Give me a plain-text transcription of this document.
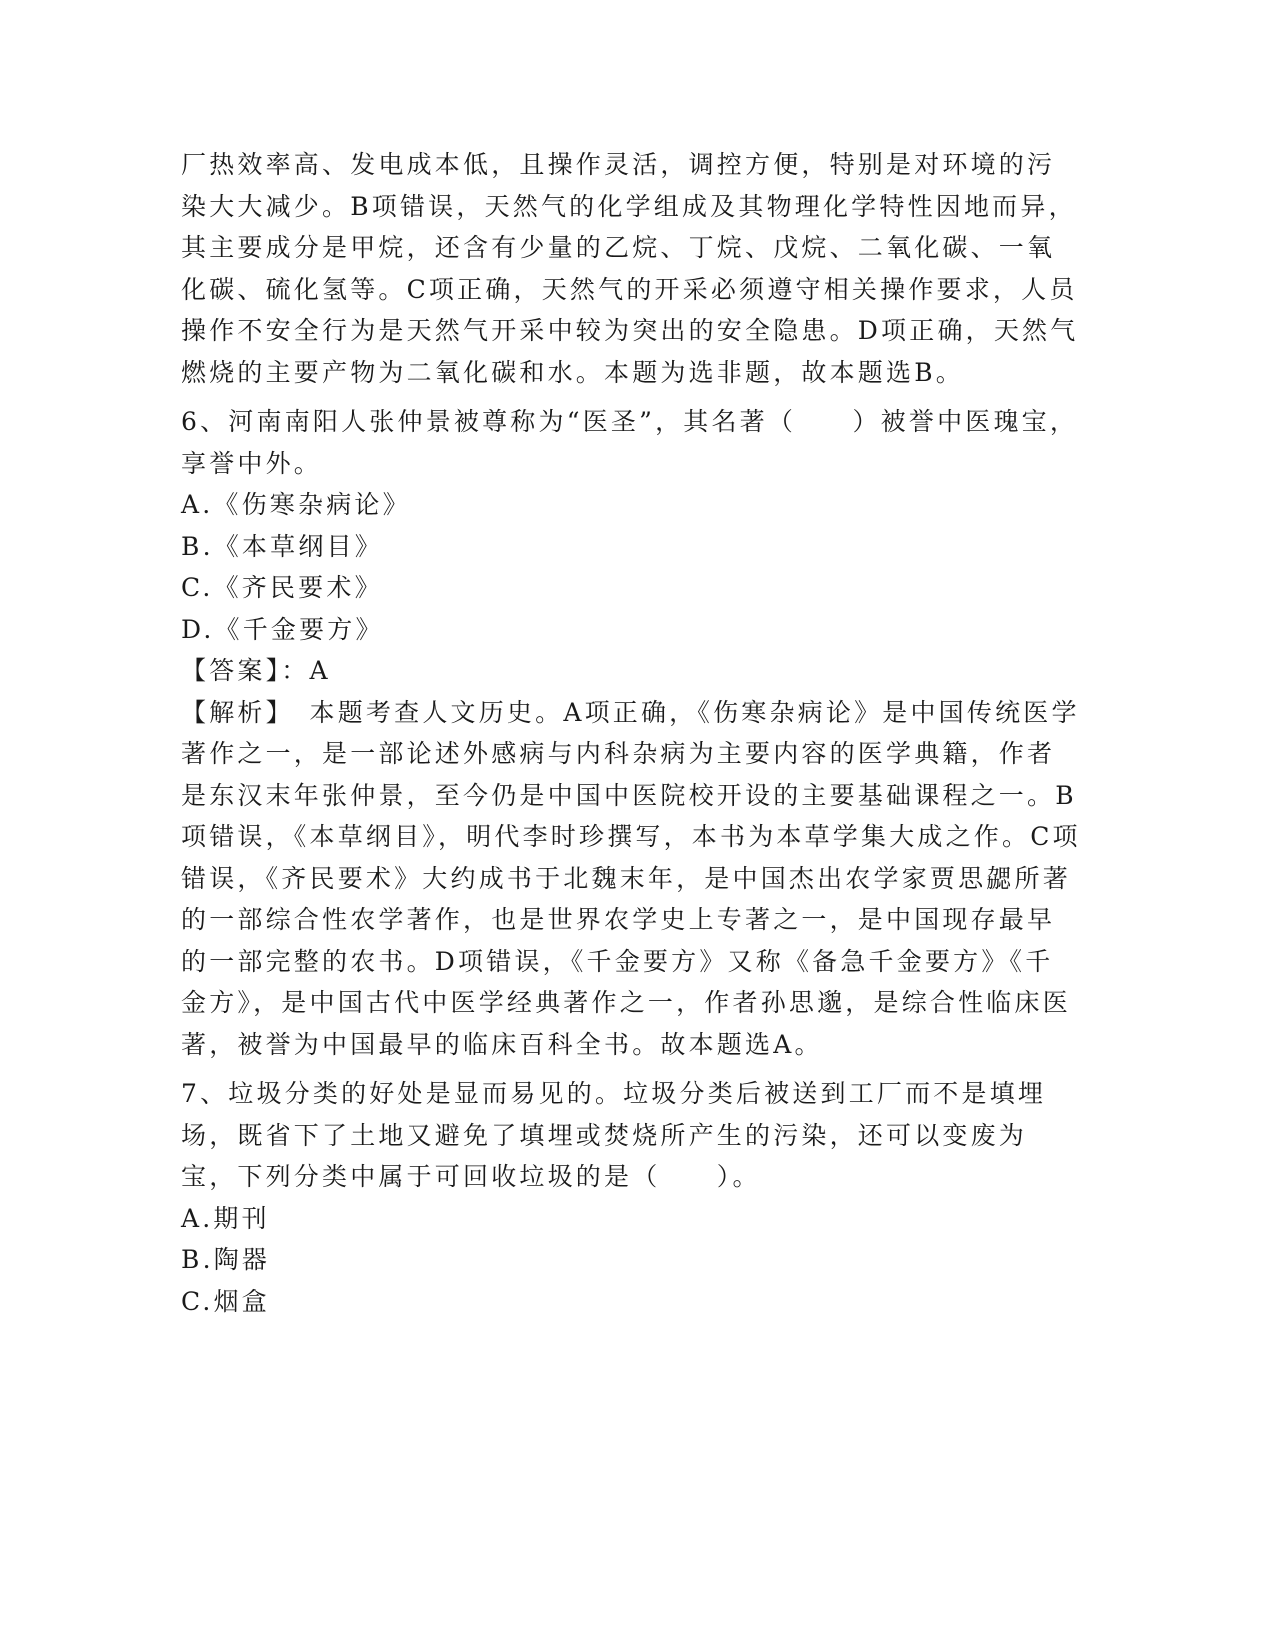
厂热效率高、发电成本低，且操作灵活，调控方便，特别是对环境的污染大大减少。B项错误，天然气的化学组成及其物理化学特性因地而异，其主要成分是甲烷，还含有少量的乙烷、丁烷、戊烷、二氧化碳、一氧化碳、硫化氢等。C项正确，天然气的开采必须遵守相关操作要求，人员操作不安全行为是天然气开采中较为突出的安全隐患。D项正确，天然气燃烧的主要产物为二氧化碳和水。本题为选非题，故本题选B。

6、河南南阳人张仲景被尊称为“医圣”，其名著（　　）被誉中医瑰宝，享誉中外。

A.《伤寒杂病论》

B.《本草纲目》

C.《齐民要术》

D.《千金要方》

【答案】：A

【解析】　本题考查人文历史。A项正确，《伤寒杂病论》是中国传统医学著作之一，是一部论述外感病与内科杂病为主要内容的医学典籍，作者是东汉末年张仲景，至今仍是中国中医院校开设的主要基础课程之一。B项错误，《本草纲目》，明代李时珍撰写，本书为本草学集大成之作。C项错误，《齐民要术》大约成书于北魏末年，是中国杰出农学家贾思勰所著的一部综合性农学著作，也是世界农学史上专著之一，是中国现存最早的一部完整的农书。D项错误，《千金要方》又称《备急千金要方》《千金方》，是中国古代中医学经典著作之一，作者孙思邈，是综合性临床医著，被誉为中国最早的临床百科全书。故本题选A。

7、垃圾分类的好处是显而易见的。垃圾分类后被送到工厂而不是填埋场，既省下了土地又避免了填埋或焚烧所产生的污染，还可以变废为宝，下列分类中属于可回收垃圾的是（　　）。

A.期刊

B.陶器

C.烟盒
